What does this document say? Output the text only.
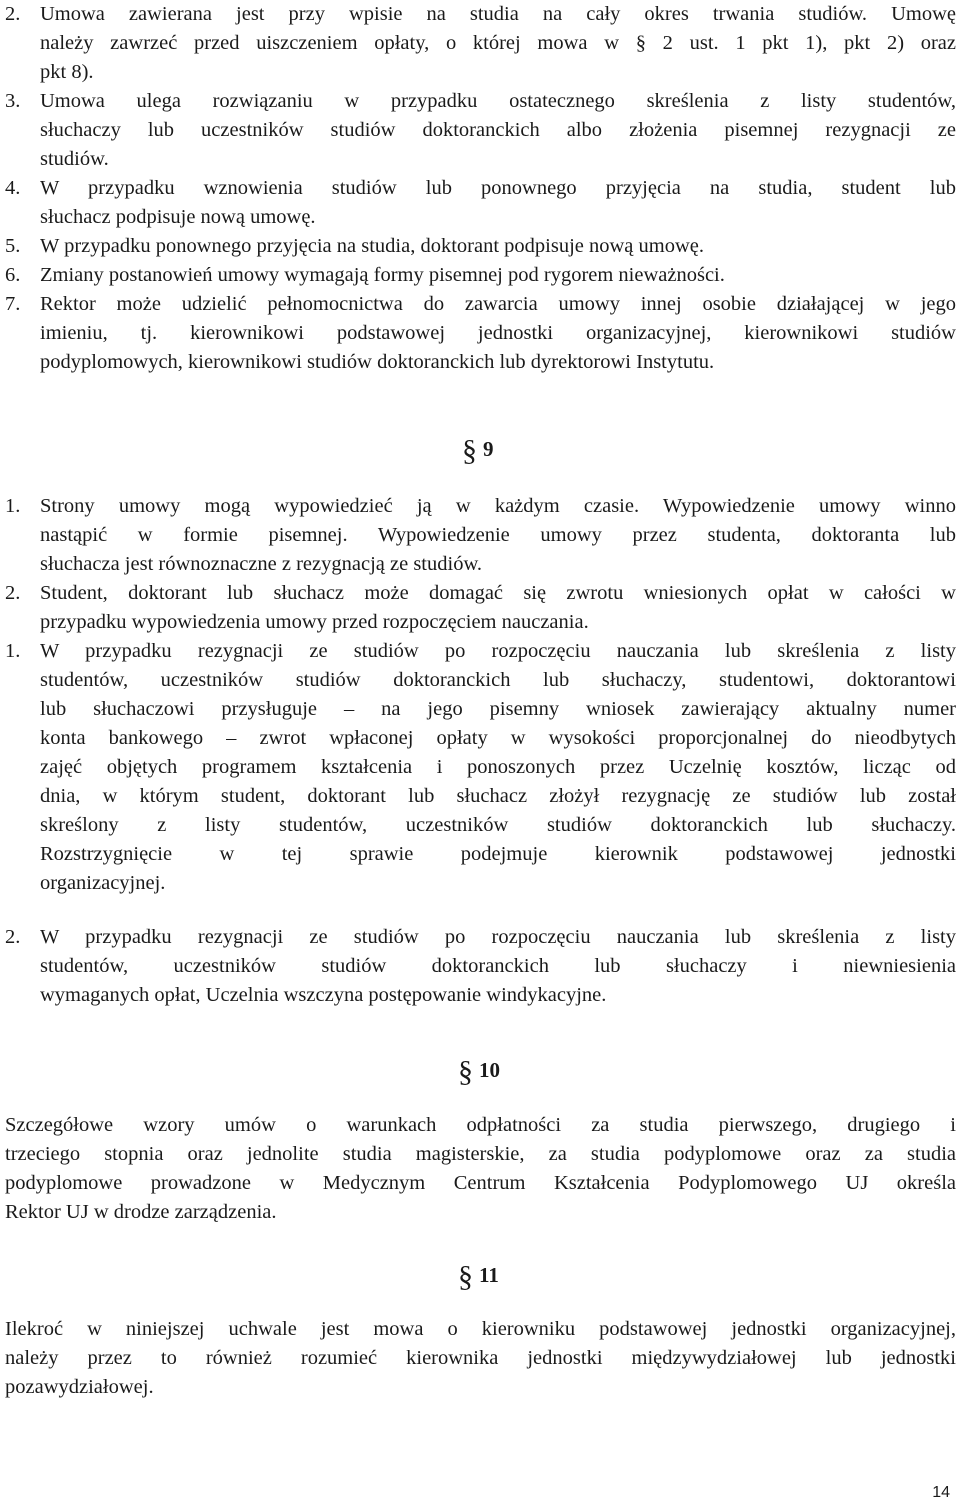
2. Umowa zawierana jest przy wpisie na studia na cały okres trwania studiów. Umowę
należy zawrzeć przed uiszczeniem opłaty, o której mowa w § 2 ust. 1 pkt 1), pkt 2) oraz
pkt 8).
3. Umowa ulega rozwiązaniu w przypadku ostatecznego skreślenia z listy studentów,
słuchaczy lub uczestników studiów doktoranckich albo złożenia pisemnej rezygnacji ze
studiów.
4. W przypadku wznowienia studiów lub ponownego przyjęcia na studia, student lub
słuchacz podpisuje nową umowę.
5. W przypadku ponownego przyjęcia na studia, doktorant podpisuje nową umowę.
6. Zmiany postanowień umowy wymagają formy pisemnej pod rygorem nieważności.
7. Rektor może udzielić pełnomocnictwa do zawarcia umowy innej osobie działającej w jego
imieniu, tj. kierownikowi podstawowej jednostki organizacyjnej, kierownikowi studiów
podyplomowych, kierownikowi studiów doktoranckich lub dyrektorowi Instytutu.
§ 9
1. Strony umowy mogą wypowiedzieć ją w każdym czasie. Wypowiedzenie umowy winno
nastąpić w formie pisemnej. Wypowiedzenie umowy przez studenta, doktoranta lub
słuchacza jest równoznaczne z rezygnacją ze studiów.
2. Student, doktorant lub słuchacz może domagać się zwrotu wniesionych opłat w całości w
przypadku wypowiedzenia umowy przed rozpoczęciem nauczania.
1. W przypadku rezygnacji ze studiów po rozpoczęciu nauczania lub skreślenia z listy
studentów, uczestników studiów doktoranckich lub słuchaczy, studentowi, doktorantowi
lub słuchaczowi przysługuje – na jego pisemny wniosek zawierający aktualny numer
konta bankowego – zwrot wpłaconej opłaty w wysokości proporcjonalnej do nieodbytych
zajęć objętych programem kształcenia i ponoszonych przez Uczelnię kosztów, licząc od
dnia, w którym student, doktorant lub słuchacz złożył rezygnację ze studiów lub został
skreślony z listy studentów, uczestników studiów doktoranckich lub słuchaczy.
Rozstrzygnięcie w tej sprawie podejmuje kierownik podstawowej jednostki
organizacyjnej.
2. W przypadku rezygnacji ze studiów po rozpoczęciu nauczania lub skreślenia z listy
studentów, uczestników studiów doktoranckich lub słuchaczy i niewniesienia
wymaganych opłat, Uczelnia wszczyna postępowanie windykacyjne.
§ 10
Szczegółowe wzory umów o warunkach odpłatności za studia pierwszego, drugiego i
trzeciego stopnia oraz jednolite studia magisterskie, za studia podyplomowe oraz za studia
podyplomowe prowadzone w Medycznym Centrum Kształcenia Podyplomowego UJ określa
Rektor UJ w drodze zarządzenia.
§ 11
Ilekroć w niniejszej uchwale jest mowa o kierowniku podstawowej jednostki organizacyjnej,
należy przez to również rozumieć kierownika jednostki międzywydziałowej lub jednostki
pozawydziałowej.
14
